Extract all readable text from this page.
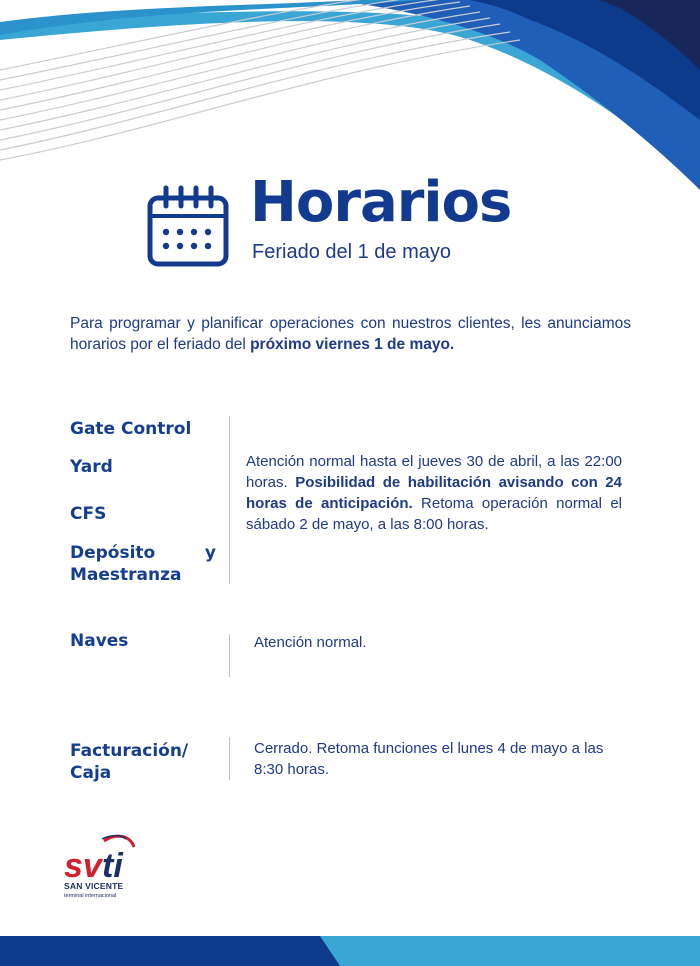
Horarios
Feriado del 1 de mayo
Para programar y planificar operaciones con nuestros clientes, les anunciamos horarios por el feriado del próximo viernes 1 de mayo.
Gate Control
Yard
CFS
Depósito	y
Maestranza
Atención normal hasta el jueves 30 de abril, a las 22:00 horas. Posibilidad de habilitación avisando con 24 horas de anticipación. Retoma operación normal el sábado 2 de mayo, a las 8:00 horas.
Naves	Atención normal.
Facturación/
Caja
Cerrado. Retoma funciones el lunes 4 de mayo a las 8:30 horas.
sv ti
SAN VICENTE
terminal internacional
